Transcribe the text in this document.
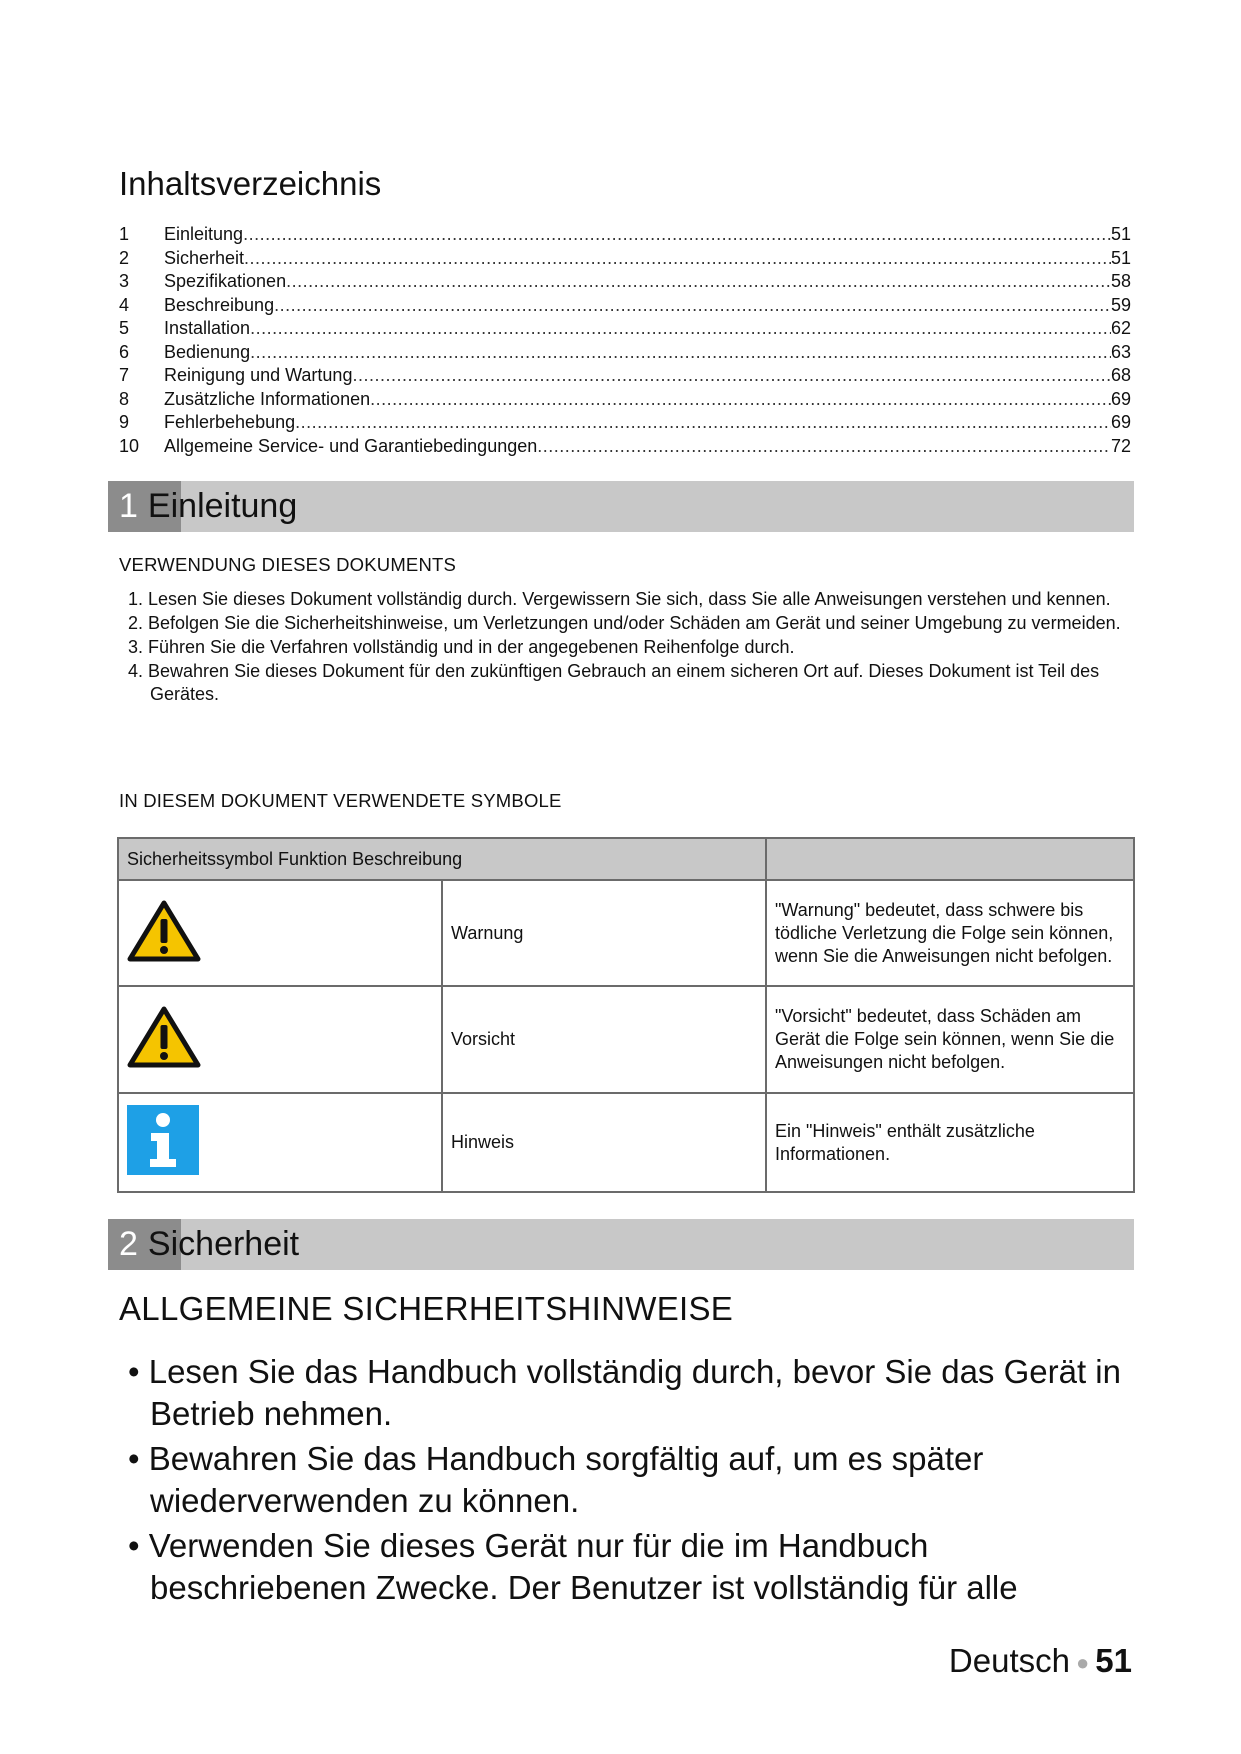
Inhaltsverzeichnis
1	Einleitung .....	51
2	Sicherheit .....	51
3	Spezifikationen .....	58
4	Beschreibung .....	59
5	Installation .....	62
6	Bedienung .....	63
7	Reinigung und Wartung .....	68
8	Zusätzliche Informationen .....	69
9	Fehlerbehebung .....	69
10	Allgemeine Service- und Garantiebedingungen .....	72
1 Einleitung
VERWENDUNG DIESES DOKUMENTS
1. Lesen Sie dieses Dokument vollständig durch. Vergewissern Sie sich, dass Sie alle Anweisungen verstehen und kennen.
2. Befolgen Sie die Sicherheitshinweise, um Verletzungen und/oder Schäden am Gerät und seiner Umgebung zu vermeiden.
3. Führen Sie die Verfahren vollständig und in der angegebenen Reihenfolge durch.
4. Bewahren Sie dieses Dokument für den zukünftigen Gebrauch an einem sicheren Ort auf. Dieses Dokument ist Teil des Gerätes.
IN DIESEM DOKUMENT VERWENDETE SYMBOLE
Sicherheitssymbol Funktion Beschreibung		
	Warnung	"Warnung" bedeutet, dass schwere bis tödliche Verletzung die Folge sein können, wenn Sie die Anweisungen nicht befolgen.
	Vorsicht	"Vorsicht" bedeutet, dass Schäden am Gerät die Folge sein können, wenn Sie die Anweisungen nicht befolgen.
	Hinweis	Ein "Hinweis" enthält zusätzliche Informationen.
2 Sicherheit
ALLGEMEINE SICHERHEITSHINWEISE
• Lesen Sie das Handbuch vollständig durch, bevor Sie das Gerät in Betrieb nehmen.
• Bewahren Sie das Handbuch sorgfältig auf, um es später wiederverwenden zu können.
• Verwenden Sie dieses Gerät nur für die im Handbuch beschriebenen Zwecke. Der Benutzer ist vollständig für alle
Deutsch ● 51
